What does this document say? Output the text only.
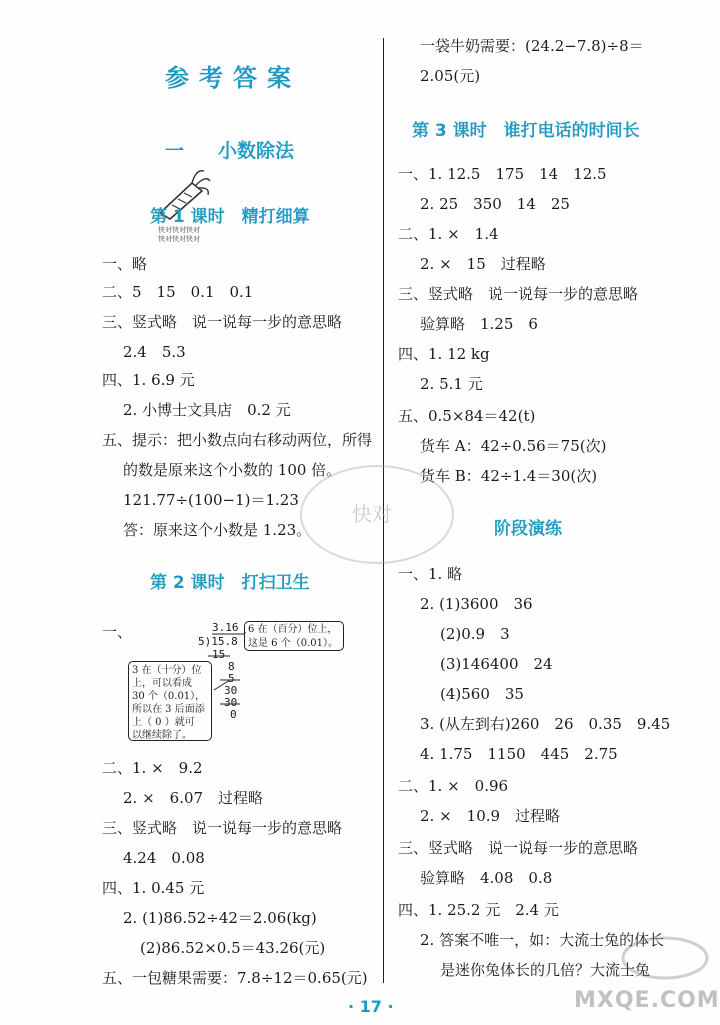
参考答案
一 小数除法
快对快对快对
快对快对快对
第 1 课时　精打细算
一、略
二、5　15　0.1　0.1
三、竖式略　说一说每一步的意思略
2.4　5.3
四、1. 6.9 元
2. 小博士文具店　0.2 元
五、提示：把小数点向右移动两位，所得
的数是原来这个小数的 100 倍。
121.77÷(100−1)＝1.23
答：原来这个小数是 1.23。
第 2 课时　打扫卫生
一、	3.16
5)15.8
15
8
5
30
30
0
6 在（百分）位上，
这是 6 个（0.01）。
3 在（十分）位
上，可以看成
30 个（0.01），
所以在 3 后面添
上（ 0 ）就可
以继续除了。
二、1. ×　9.2
2. ×　6.07　过程略
三、竖式略　说一说每一步的意思略
4.24　0.08
四、1. 0.45 元
2. (1)86.52÷42＝2.06(kg)
(2)86.52×0.5＝43.26(元)
五、一包糖果需要：7.8÷12＝0.65(元)
一袋牛奶需要：(24.2−7.8)÷8＝
2.05(元)
第 3 课时　谁打电话的时间长
一、1. 12.5　175　14　12.5
2. 25　350　14　25
二、1. ×　1.4
2. ×　15　过程略
三、竖式略　说一说每一步的意思略
验算略　1.25　6
四、1. 12 kg
2. 5.1 元
五、0.5×84＝42(t)
货车 A：42÷0.56＝75(次)
货车 B：42÷1.4＝30(次)
阶段演练
一、1. 略
2. (1)3600　36
(2)0.9　3
(3)146400　24
(4)560　35
3. (从左到右)260　26　0.35　9.45
4. 1.75　1150　445　2.75
二、1. ×　0.96
2. ×　10.9　过程略
三、竖式略　说一说每一步的意思略
验算略　4.08　0.8
四、1. 25.2 元　2.4 元
2. 答案不唯一，如：大流士兔的体长
是迷你兔体长的几倍？大流士兔
快对
MXQE.COM
· 17 ·
